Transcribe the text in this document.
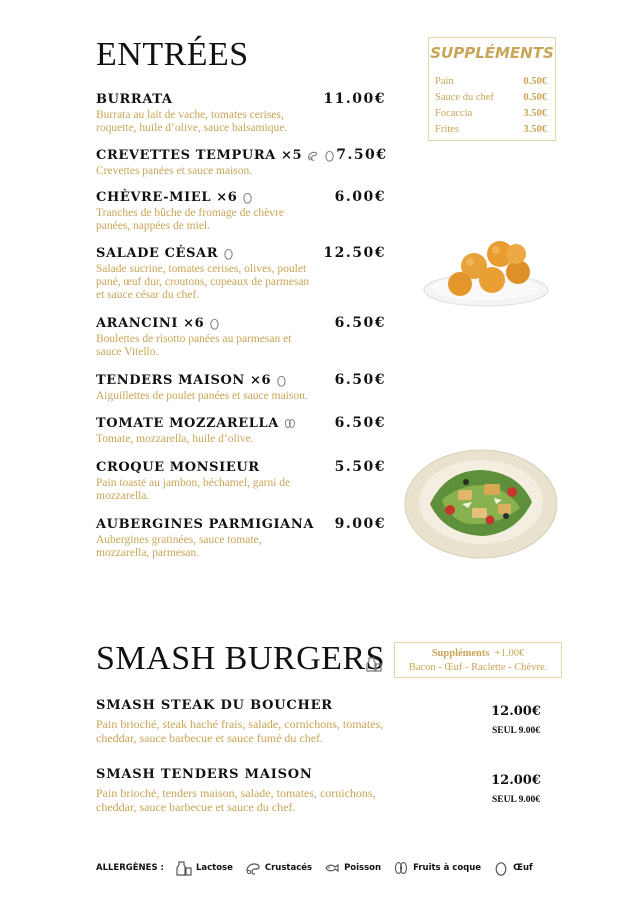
ENTRÉES	SUPPLÉMENTS
Pain	0.50€
Sauce du chef	0.50€
Focaccia	3.50€
Frites	3.50€
BURRATA	11.00€
Burrata au lait de vache, tomates cerises,
roquette, huile d’olive, sauce balsamique.
CREVETTES TEMPURA ×5 7.50€
Crevettes panées et sauce maison.
CHÈVRE-MIEL ×6	6.00€
Tranches de bûche de fromage de chèvre
panées, nappées de miel.
SALADE CÉSAR	12.50€
Salade sucrine, tomates cerises, olives, poulet
pané, œuf dur, croutons, copeaux de parmesan
et sauce césar du chef.
ARANCINI ×6	6.50€
Boulettes de risotto panées au parmesan et
sauce Vitello.
TENDERS MAISON ×6	6.50€
Aiguillettes de poulet panées et sauce maison.
TOMATE MOZZARELLA	6.50€
Tomate, mozzarella, huile d’olive.
CROQUE MONSIEUR	5.50€
Pain toasté au jambon, béchamel, garni de
mozzarella.
AUBERGINES PARMIGIANA 9.00€
Aubergines gratinées, sauce tomate,
mozzarella, parmesan.
SMASH BURGERS	Suppléments +1.00€
Bacon - Œuf - Raclette - Chèvre.
SMASH STEAK DU BOUCHER
Pain brioché, steak haché frais, salade, cornichons, tomates,
cheddar, sauce barbecue et sauce fumé du chef.
12.00€
SEUL 9.00€
SMASH TENDERS MAISON
Pain brioché, tenders maison, salade, tomates, cornichons,
cheddar, sauce barbecue et sauce du chef.
12.00€
SEUL 9.00€
ALLERGÈNES :	Lactose	Crustacés	Poisson	Fruits à coque	Œuf
